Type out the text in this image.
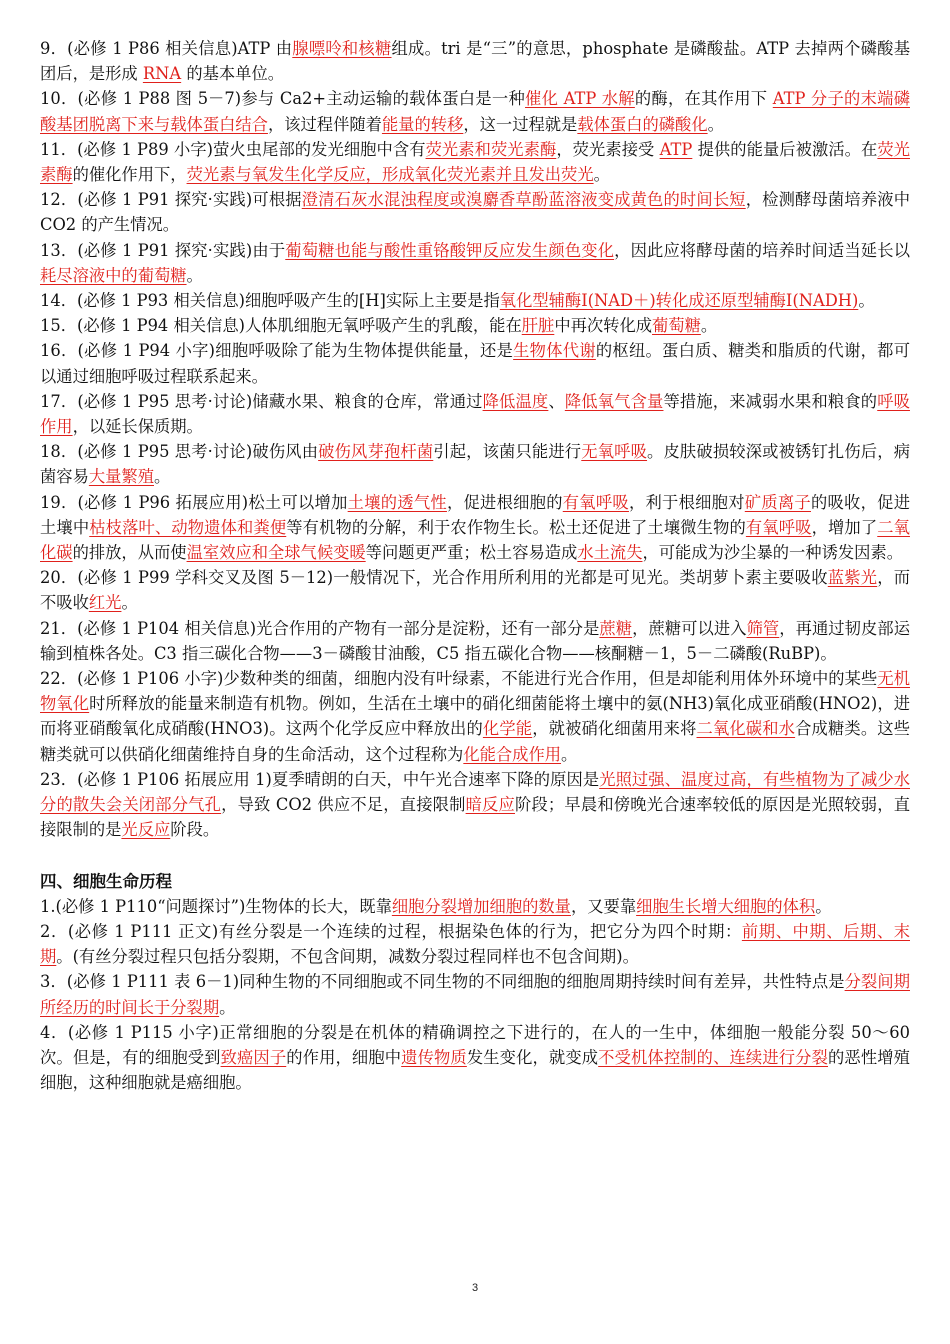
9．(必修 1 P86 相关信息)ATP 由腺嘌呤和核糖组成。tri 是“三”的意思，phosphate 是磷酸盐。ATP 去掉两个磷酸基团后，是形成 RNA 的基本单位。

10．(必修 1 P88 图 5－7)参与 Ca2+主动运输的载体蛋白是一种催化 ATP 水解的酶，在其作用下 ATP 分子的末端磷酸基团脱离下来与载体蛋白结合，该过程伴随着能量的转移，这一过程就是载体蛋白的磷酸化。

11．(必修 1 P89 小字)萤火虫尾部的发光细胞中含有荧光素和荧光素酶，荧光素接受 ATP 提供的能量后被激活。在荧光素酶的催化作用下，荧光素与氧发生化学反应，形成氧化荧光素并且发出荧光。

12．(必修 1 P91 探究·实践)可根据澄清石灰水混浊程度或溴麝香草酚蓝溶液变成黄色的时间长短，检测酵母菌培养液中 CO2 的产生情况。

13．(必修 1 P91 探究·实践)由于葡萄糖也能与酸性重铬酸钾反应发生颜色变化，因此应将酵母菌的培养时间适当延长以耗尽溶液中的葡萄糖。

14．(必修 1 P93 相关信息)细胞呼吸产生的[H]实际上主要是指氧化型辅酶Ⅰ(NAD＋)转化成还原型辅酶Ⅰ(NADH)。

15．(必修 1 P94 相关信息)人体肌细胞无氧呼吸产生的乳酸，能在肝脏中再次转化成葡萄糖。

16．(必修 1 P94 小字)细胞呼吸除了能为生物体提供能量，还是生物体代谢的枢纽。蛋白质、糖类和脂质的代谢，都可以通过细胞呼吸过程联系起来。

17．(必修 1 P95 思考·讨论)储藏水果、粮食的仓库，常通过降低温度、降低氧气含量等措施，来减弱水果和粮食的呼吸作用，以延长保质期。

18．(必修 1 P95 思考·讨论)破伤风由破伤风芽孢杆菌引起，该菌只能进行无氧呼吸。皮肤破损较深或被锈钉扎伤后，病菌容易大量繁殖。

19．(必修 1 P96 拓展应用)松土可以增加土壤的透气性，促进根细胞的有氧呼吸，利于根细胞对矿质离子的吸收，促进土壤中枯枝落叶、动物遗体和粪便等有机物的分解，利于农作物生长。松土还促进了土壤微生物的有氧呼吸，增加了二氧化碳的排放，从而使温室效应和全球气候变暖等问题更严重；松土容易造成水土流失，可能成为沙尘暴的一种诱发因素。

20．(必修 1 P99 学科交叉及图 5－12)一般情况下，光合作用所利用的光都是可见光。类胡萝卜素主要吸收蓝紫光，而不吸收红光。

21．(必修 1 P104 相关信息)光合作用的产物有一部分是淀粉，还有一部分是蔗糖，蔗糖可以进入筛管，再通过韧皮部运输到植株各处。C3 指三碳化合物——3－磷酸甘油酸，C5 指五碳化合物——核酮糖－1，5－二磷酸(RuBP)。

22．(必修 1 P106 小字)少数种类的细菌，细胞内没有叶绿素，不能进行光合作用，但是却能利用体外环境中的某些无机物氧化时所释放的能量来制造有机物。例如，生活在土壤中的硝化细菌能将土壤中的氨(NH3)氧化成亚硝酸(HNO2)，进而将亚硝酸氧化成硝酸(HNO3)。这两个化学反应中释放出的化学能，就被硝化细菌用来将二氧化碳和水合成糖类。这些糖类就可以供硝化细菌维持自身的生命活动，这个过程称为化能合成作用。

23．(必修 1 P106 拓展应用 1)夏季晴朗的白天，中午光合速率下降的原因是光照过强、温度过高，有些植物为了减少水分的散失会关闭部分气孔，导致 CO2 供应不足，直接限制暗反应阶段；早晨和傍晚光合速率较低的原因是光照较弱，直接限制的是光反应阶段。

四、细胞生命历程

1.(必修 1 P110“问题探讨”)生物体的长大，既靠细胞分裂增加细胞的数量，又要靠细胞生长增大细胞的体积。

2．(必修 1 P111 正文)有丝分裂是一个连续的过程，根据染色体的行为，把它分为四个时期：前期、中期、后期、末期。(有丝分裂过程只包括分裂期，不包含间期，减数分裂过程同样也不包含间期)。

3．(必修 1 P111 表 6－1)同种生物的不同细胞或不同生物的不同细胞的细胞周期持续时间有差异，共性特点是分裂间期所经历的时间长于分裂期。

4．(必修 1 P115 小字)正常细胞的分裂是在机体的精确调控之下进行的，在人的一生中，体细胞一般能分裂 50～60 次。但是，有的细胞受到致癌因子的作用，细胞中遗传物质发生变化，就变成不受机体控制的、连续进行分裂的恶性增殖细胞，这种细胞就是癌细胞。

3
